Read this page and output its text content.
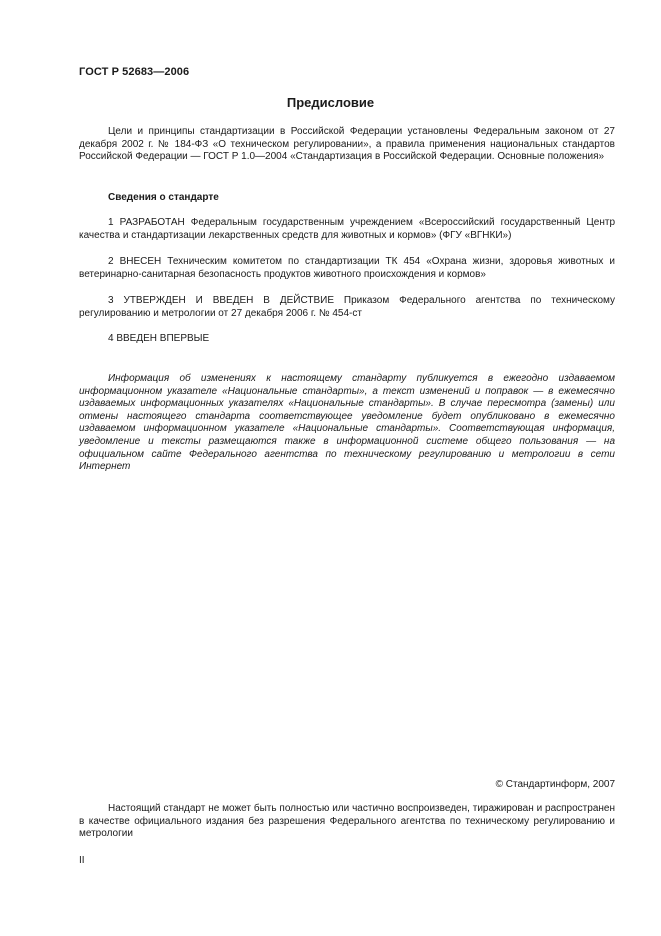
ГОСТ Р 52683—2006
Предисловие
Цели и принципы стандартизации в Российской Федерации установлены Федеральным законом от 27 декабря 2002 г. № 184-ФЗ «О техническом регулировании», а правила применения национальных стандартов Российской Федерации — ГОСТ Р 1.0—2004 «Стандартизация в Российской Федерации. Основные положения»
Сведения о стандарте
1 РАЗРАБОТАН Федеральным государственным учреждением «Всероссийский государственный Центр качества и стандартизации лекарственных средств для животных и кормов» (ФГУ «ВГНКИ»)
2 ВНЕСЕН Техническим комитетом по стандартизации ТК 454 «Охрана жизни, здоровья животных и ветеринарно-санитарная безопасность продуктов животного происхождения и кормов»
3 УТВЕРЖДЕН И ВВЕДЕН В ДЕЙСТВИЕ Приказом Федерального агентства по техническому регулированию и метрологии от 27 декабря 2006 г. № 454-ст
4 ВВЕДЕН ВПЕРВЫЕ
Информация об изменениях к настоящему стандарту публикуется в ежегодно издаваемом информационном указателе «Национальные стандарты», а текст изменений и поправок — в ежемесячно издаваемых информационных указателях «Национальные стандарты». В случае пересмотра (замены) или отмены настоящего стандарта соответствующее уведомление будет опубликовано в ежемесячно издаваемом информационном указателе «Национальные стандарты». Соответствующая информация, уведомление и тексты размещаются также в информационной системе общего пользования — на официальном сайте Федерального агентства по техническому регулированию и метрологии в сети Интернет
© Стандартинформ, 2007
Настоящий стандарт не может быть полностью или частично воспроизведен, тиражирован и распространен в качестве официального издания без разрешения Федерального агентства по техническому регулированию и метрологии
II
